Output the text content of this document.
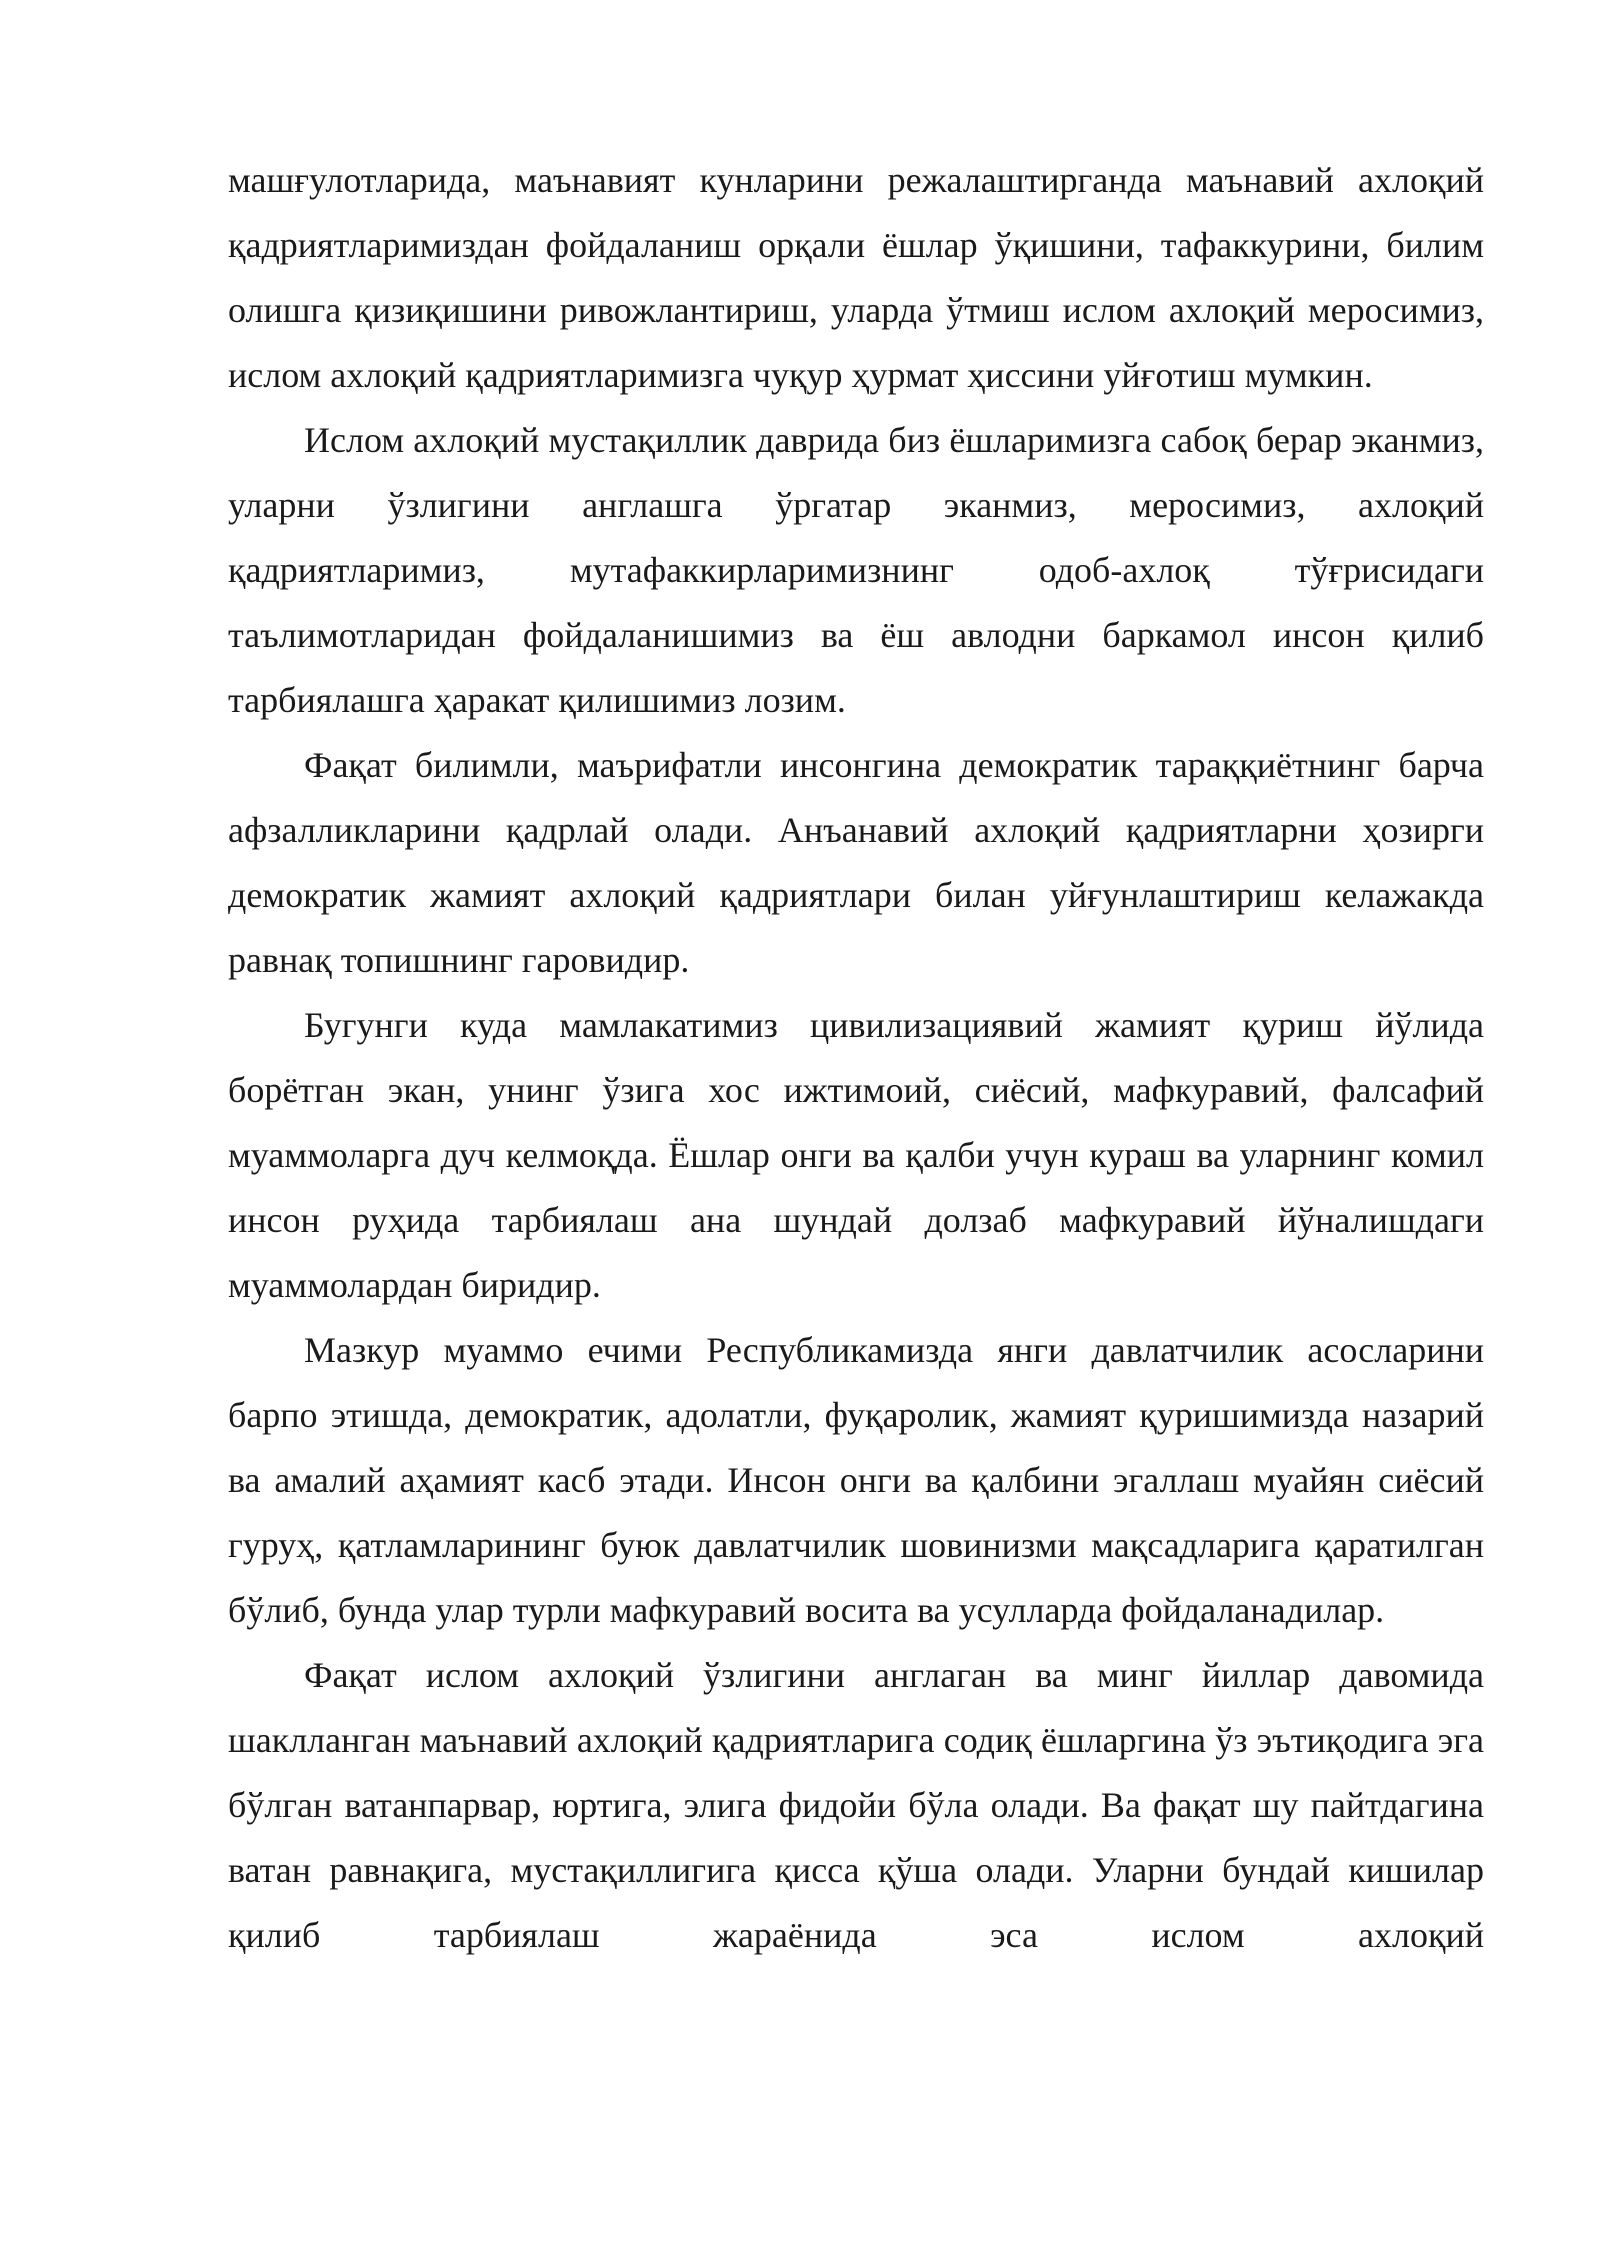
машғулотларида, маънавият кунларини режалаштирганда маънавий ахлоқий қадриятларимиздан фойдаланиш орқали ёшлар ўқишини, тафаккурини, билим олишга қизиқишини ривожлантириш, уларда ўтмиш ислом ахлоқий меросимиз, ислом ахлоқий қадриятларимизга чуқур ҳурмат ҳиссини уйғотиш мумкин.

Ислом ахлоқий мустақиллик даврида биз ёшларимизга сабоқ берар эканмиз, уларни ўзлигини англашга ўргатар эканмиз, меросимиз, ахлоқий қадриятларимиз, мутафаккирларимизнинг одоб-ахлоқ тўғрисидаги таълимотларидан фойдаланишимиз ва ёш авлодни баркамол инсон қилиб тарбиялашга ҳаракат қилишимиз лозим.

Фақат билимли, маърифатли инсонгина демократик тараққиётнинг барча афзалликларини қадрлай олади. Анъанавий ахлоқий қадриятларни ҳозирги демократик жамият ахлоқий қадриятлари билан уйғунлаштириш келажакда равнақ топишнинг гаровидир.

Бугунги куда мамлакатимиз цивилизациявий жамият қуриш йўлида борётган экан, унинг ўзига хос ижтимоий, сиёсий, мафкуравий, фалсафий муаммоларга дуч келмоқда. Ёшлар онги ва қалби учун кураш ва уларнинг комил инсон руҳида тарбиялаш ана шундай долзаб мафкуравий йўналишдаги муаммолардан биридир.

Мазкур муаммо ечими Республикамизда янги давлатчилик асосларини барпо этишда, демократик, адолатли, фуқаролик, жамият қуришимизда назарий ва амалий аҳамият касб этади. Инсон онги ва қалбини эгаллаш муайян сиёсий гуруҳ, қатламларининг буюк давлатчилик шовинизми мақсадларига қаратилган бўлиб, бунда улар турли мафкуравий восита ва усулларда фойдаланадилар.

Фақат ислом ахлоқий ўзлигини англаган ва минг йиллар давомида шаклланган маънавий ахлоқий қадриятларига содиқ ёшларгина ўз эътиқодига эга бўлган ватанпарвар, юртига, элига фидойи бўла олади. Ва фақат шу пайтдагина ватан равнақига, мустақиллигига қисса қўша олади. Уларни бундай кишилар қилиб тарбиялаш жараёнида эса ислом ахлоқий
